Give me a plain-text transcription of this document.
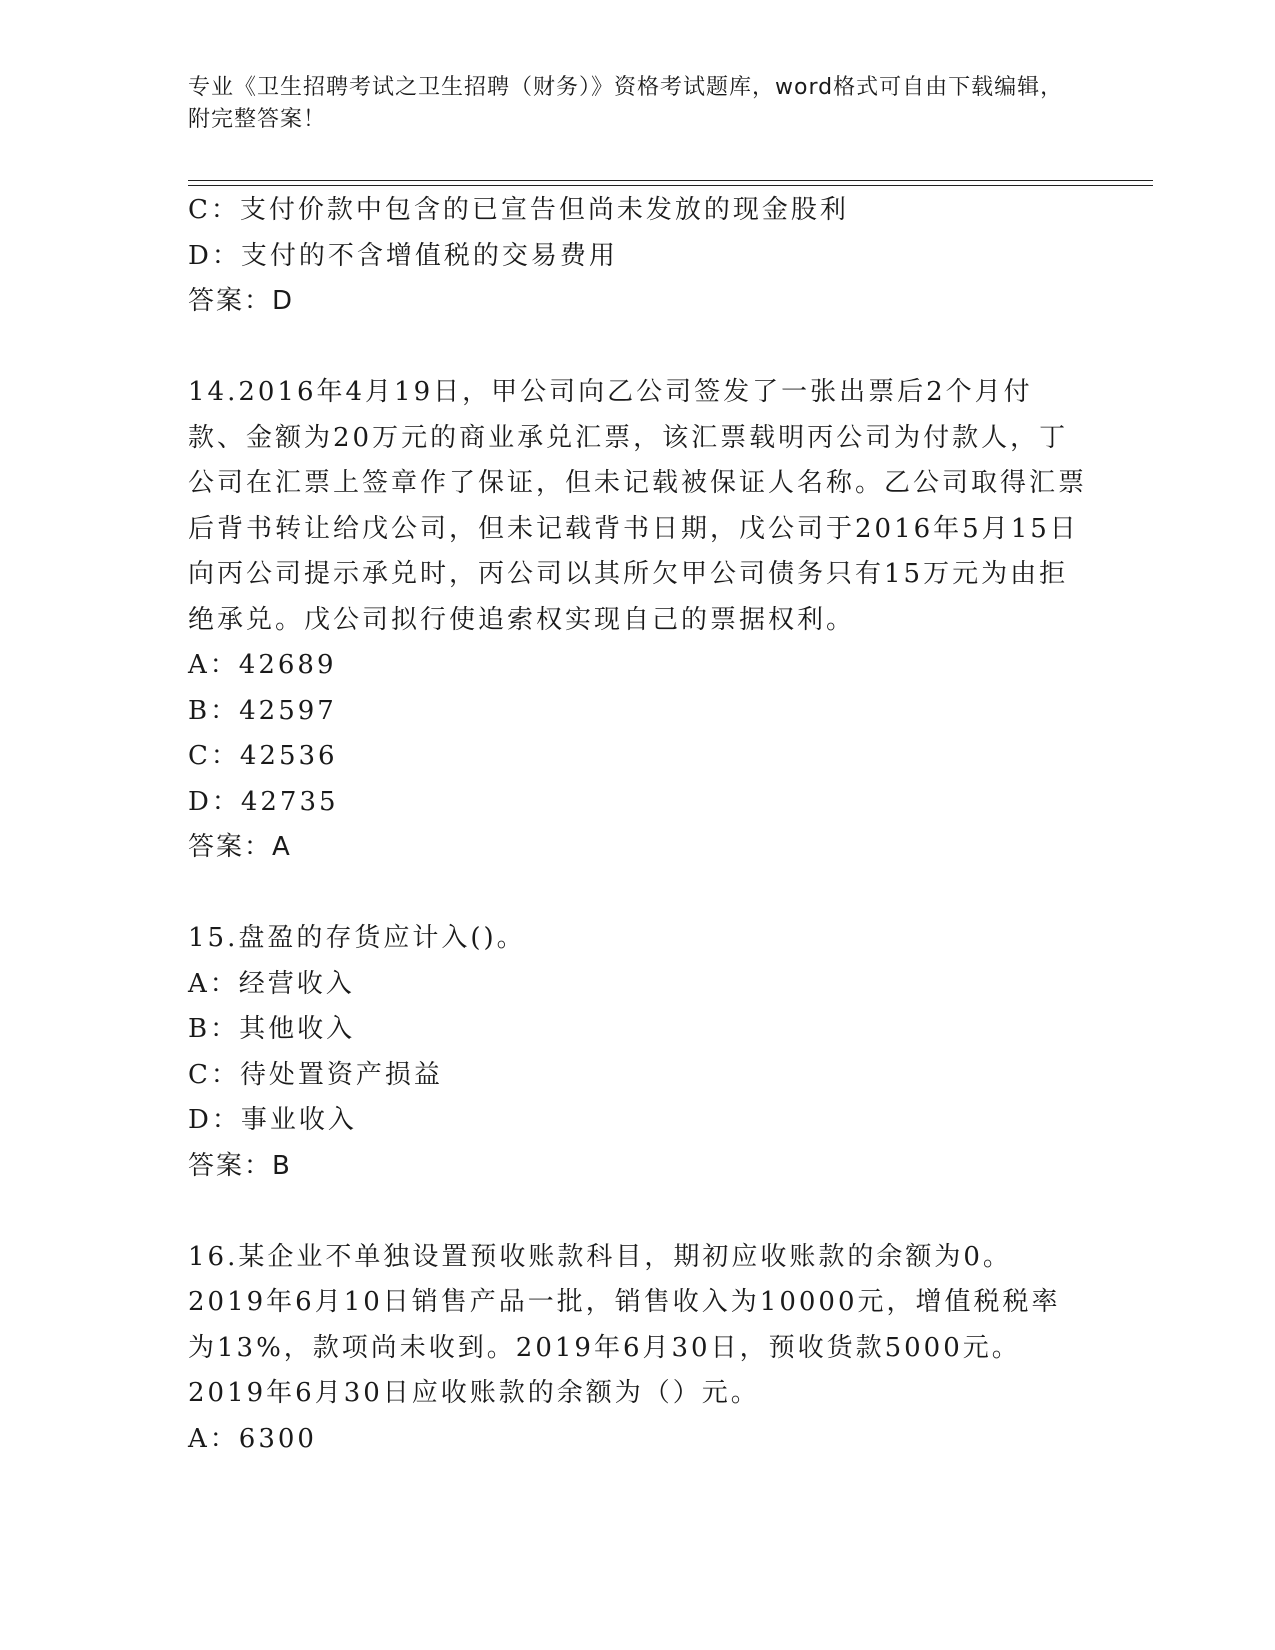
专业《卫生招聘考试之卫生招聘（财务）》资格考试题库，word格式可自由下载编辑，附完整答案！
C：支付价款中包含的已宣告但尚未发放的现金股利
D：支付的不含增值税的交易费用
答案：D
14.2016年4月19日，甲公司向乙公司签发了一张出票后2个月付款、金额为20万元的商业承兑汇票，该汇票载明丙公司为付款人，丁公司在汇票上签章作了保证，但未记载被保证人名称。乙公司取得汇票后背书转让给戊公司，但未记载背书日期，戊公司于2016年5月15日向丙公司提示承兑时，丙公司以其所欠甲公司债务只有15万元为由拒绝承兑。戊公司拟行使追索权实现自己的票据权利。
A：42689
B：42597
C：42536
D：42735
答案：A
15.盘盈的存货应计入()。
A：经营收入
B：其他收入
C：待处置资产损益
D：事业收入
答案：B
16.某企业不单独设置预收账款科目，期初应收账款的余额为0。2019年6月10日销售产品一批，销售收入为10000元，增值税税率为13%，款项尚未收到。2019年6月30日，预收货款5000元。2019年6月30日应收账款的余额为（）元。
A：6300
